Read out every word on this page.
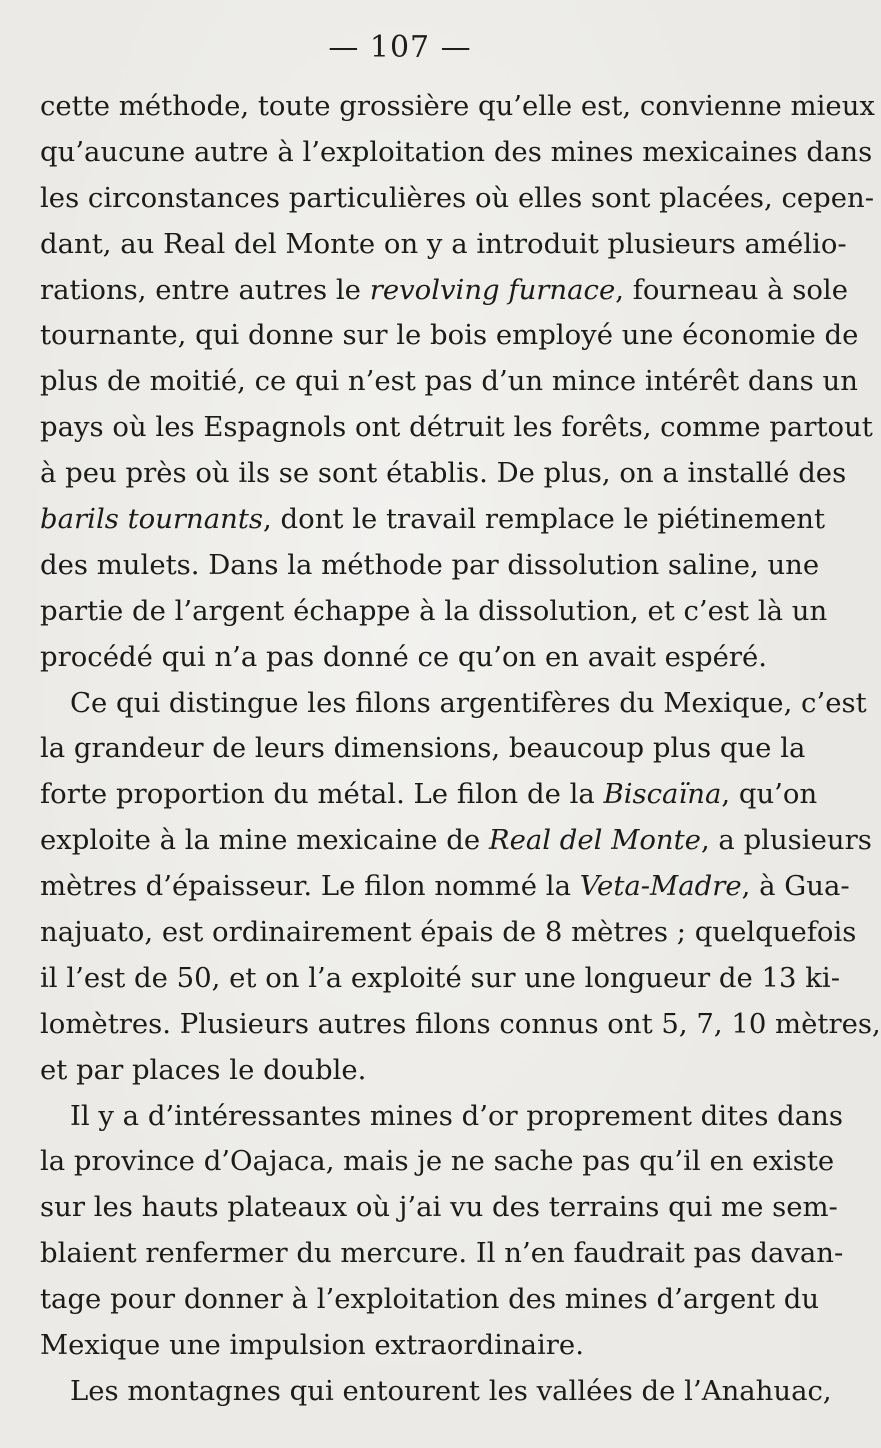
— 107 —

cette méthode, toute grossière qu’elle est, convienne mieux
qu’aucune autre à l’exploitation des mines mexicaines dans
les circonstances particulières où elles sont placées, cepen-
dant, au Real del Monte on y a introduit plusieurs amélio-
rations, entre autres le revolving furnace, fourneau à sole
tournante, qui donne sur le bois employé une économie de
plus de moitié, ce qui n’est pas d’un mince intérêt dans un
pays où les Espagnols ont détruit les forêts, comme partout
à peu près où ils se sont établis. De plus, on a installé des
barils tournants, dont le travail remplace le piétinement
des mulets. Dans la méthode par dissolution saline, une
partie de l’argent échappe à la dissolution, et c’est là un
procédé qui n’a pas donné ce qu’on en avait espéré.

Ce qui distingue les filons argentifères du Mexique, c’est
la grandeur de leurs dimensions, beaucoup plus que la
forte proportion du métal. Le filon de la Biscaïna, qu’on
exploite à la mine mexicaine de Real del Monte, a plusieurs
mètres d’épaisseur. Le filon nommé la Veta-Madre, à Gua-
najuato, est ordinairement épais de 8 mètres ; quelquefois
il l’est de 50, et on l’a exploité sur une longueur de 13 ki-
lomètres. Plusieurs autres filons connus ont 5, 7, 10 mètres,
et par places le double.

Il y a d’intéressantes mines d’or proprement dites dans
la province d’Oajaca, mais je ne sache pas qu’il en existe
sur les hauts plateaux où j’ai vu des terrains qui me sem-
blaient renfermer du mercure. Il n’en faudrait pas davan-
tage pour donner à l’exploitation des mines d’argent du
Mexique une impulsion extraordinaire.

Les montagnes qui entourent les vallées de l’Anahuac,
